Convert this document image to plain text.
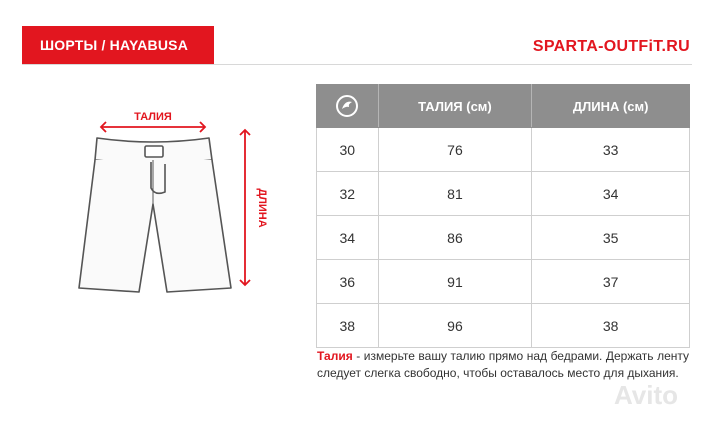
ШОРТЫ / HAYABUSA	SPARTA-OUTFiT.RU
ТАЛИЯ
ДЛИНА
	ТАЛИЯ (см)	ДЛИНА (см)
30	76	33
32	81	34
34	86	35
36	91	37
38	96	38
Талия - измерьте вашу талию прямо над бедрами. Держать ленту следует слегка свободно, чтобы оставалось место для дыхания.
Avito
